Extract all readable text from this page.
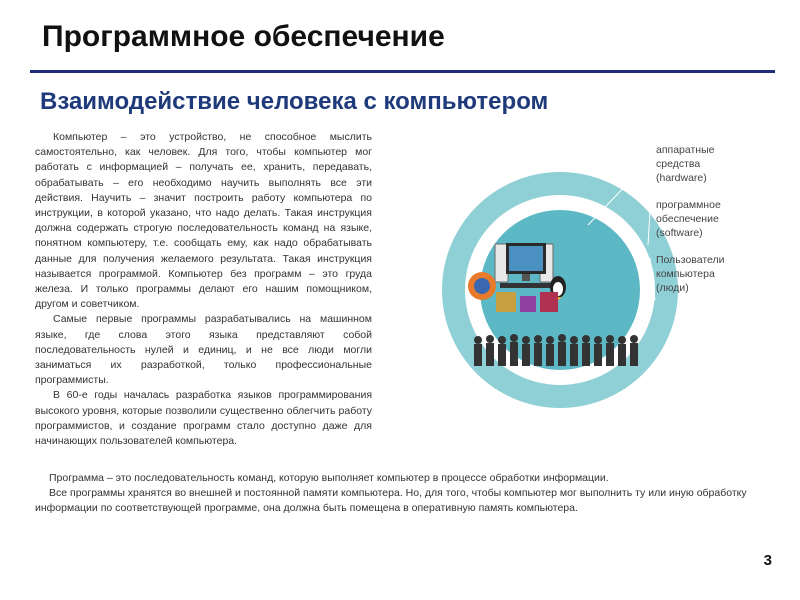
Программное обеспечение
Взаимодействие человека с компьютером

Компьютер – это устройство, не способное мыслить самостоятельно, как человек. Для того, чтобы компьютер мог работать с информацией – получать ее, хранить, передавать, обрабатывать – его необходимо научить выполнять все эти действия. Научить – значит построить работу компьютера по инструкции, в которой указано, что надо делать. Такая инструкция должна содержать строгую последовательность команд на языке, понятном компьютеру, т.е. сообщать ему, как надо обрабатывать данные для получения желаемого результата. Такая инструкция называется программой. Компьютер без программ – это груда железа. И только программы делают его нашим помощником, другом и советчиком.

Самые первые программы разрабатывались на машинном языке, где слова этого языка представляют собой последовательность нулей и единиц, и не все люди могли заниматься их разработкой, только профессиональные программисты.

В 60-е годы началась разработка языков программирования высокого уровня, которые позволили существенно облегчить работу программистов, и создание программ стало доступно даже для начинающих пользователей компьютера.

аппаратные
средства
(hardware)
программное
обеспечение
(software)
Пользователи
компьютера
(люди)

Программа – это последовательность команд, которую выполняет компьютер в процессе обработки информации.

Все программы хранятся во внешней и постоянной памяти компьютера. Но, для того, чтобы компьютер мог выполнить ту или иную обработку информации по соответствующей программе, она должна быть помещена в оперативную память компьютера.

3
